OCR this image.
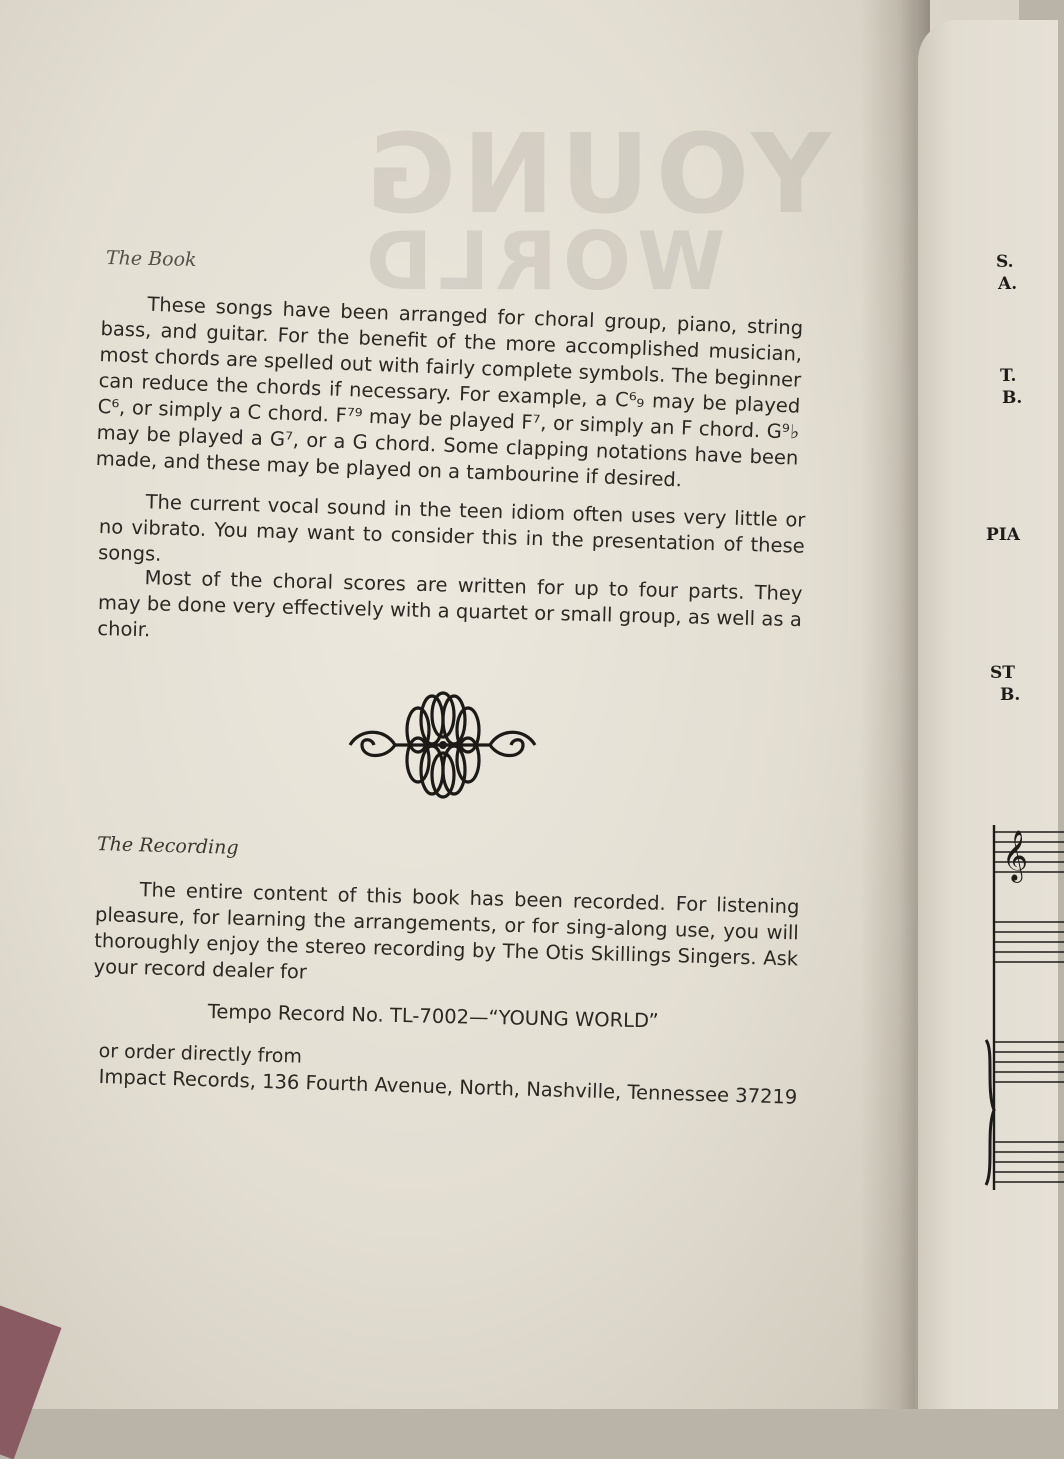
YOUNG
WORLD
The Book
These songs have been arranged for choral group, piano, string bass, and guitar. For the benefit of the more accomplished musician, most chords are spelled out with fairly complete symbols. The beginner can reduce the chords if necessary. For example, a C⁶₉ may be played C⁶, or simply a C chord. F⁷⁹ may be played F⁷, or simply an F chord. G⁹♭ may be played a G⁷, or a G chord. Some clapping notations have been made, and these may be played on a tambourine if desired.
The current vocal sound in the teen idiom often uses very little or no vibrato. You may want to consider this in the presentation of these songs.
Most of the choral scores are written for up to four parts. They may be done very effectively with a quartet or small group, as well as a choir.
The Recording
The entire content of this book has been recorded. For listening pleasure, for learning the arrangements, or for sing-along use, you will thoroughly enjoy the stereo recording by The Otis Skillings Singers. Ask your record dealer for
Tempo Record No. TL-7002—“YOUNG WORLD”
or order directly from
Impact Records, 136 Fourth Avenue, North, Nashville, Tennessee 37219
S.
A.
T.
B.
PIA
ST
B.
𝄞
